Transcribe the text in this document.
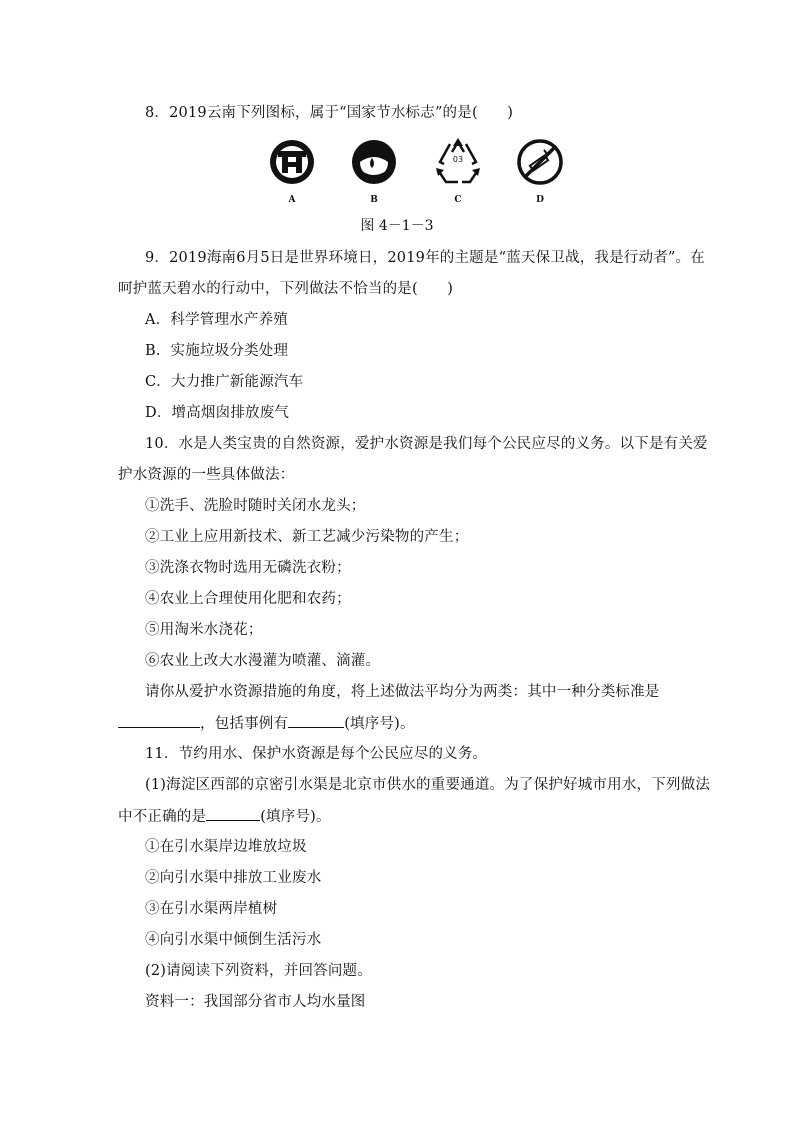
8．2019云南下列图标，属于“国家节水标志”的是(　　)
A	B
03
C	D
图 4－1－3
9．2019海南6月5日是世界环境日，2019年的主题是“蓝天保卫战，我是行动者”。在
呵护蓝天碧水的行动中，下列做法不恰当的是(　　)
A．科学管理水产养殖
B．实施垃圾分类处理
C．大力推广新能源汽车
D．增高烟囱排放废气
10．水是人类宝贵的自然资源，爱护水资源是我们每个公民应尽的义务。以下是有关爱
护水资源的一些具体做法：
①洗手、洗脸时随时关闭水龙头；
②工业上应用新技术、新工艺减少污染物的产生；
③洗涤衣物时选用无磷洗衣粉；
④农业上合理使用化肥和农药；
⑤用淘米水浇花；
⑥农业上改大水漫灌为喷灌、滴灌。
请你从爱护水资源措施的角度，将上述做法平均分为两类：其中一种分类标准是
，包括事例有	(填序号)。
11．节约用水、保护水资源是每个公民应尽的义务。
(1)海淀区西部的京密引水渠是北京市供水的重要通道。为了保护好城市用水，下列做法
中不正确的是	(填序号)。
①在引水渠岸边堆放垃圾
②向引水渠中排放工业废水
③在引水渠两岸植树
④向引水渠中倾倒生活污水
(2)请阅读下列资料，并回答问题。
资料一：我国部分省市人均水量图
